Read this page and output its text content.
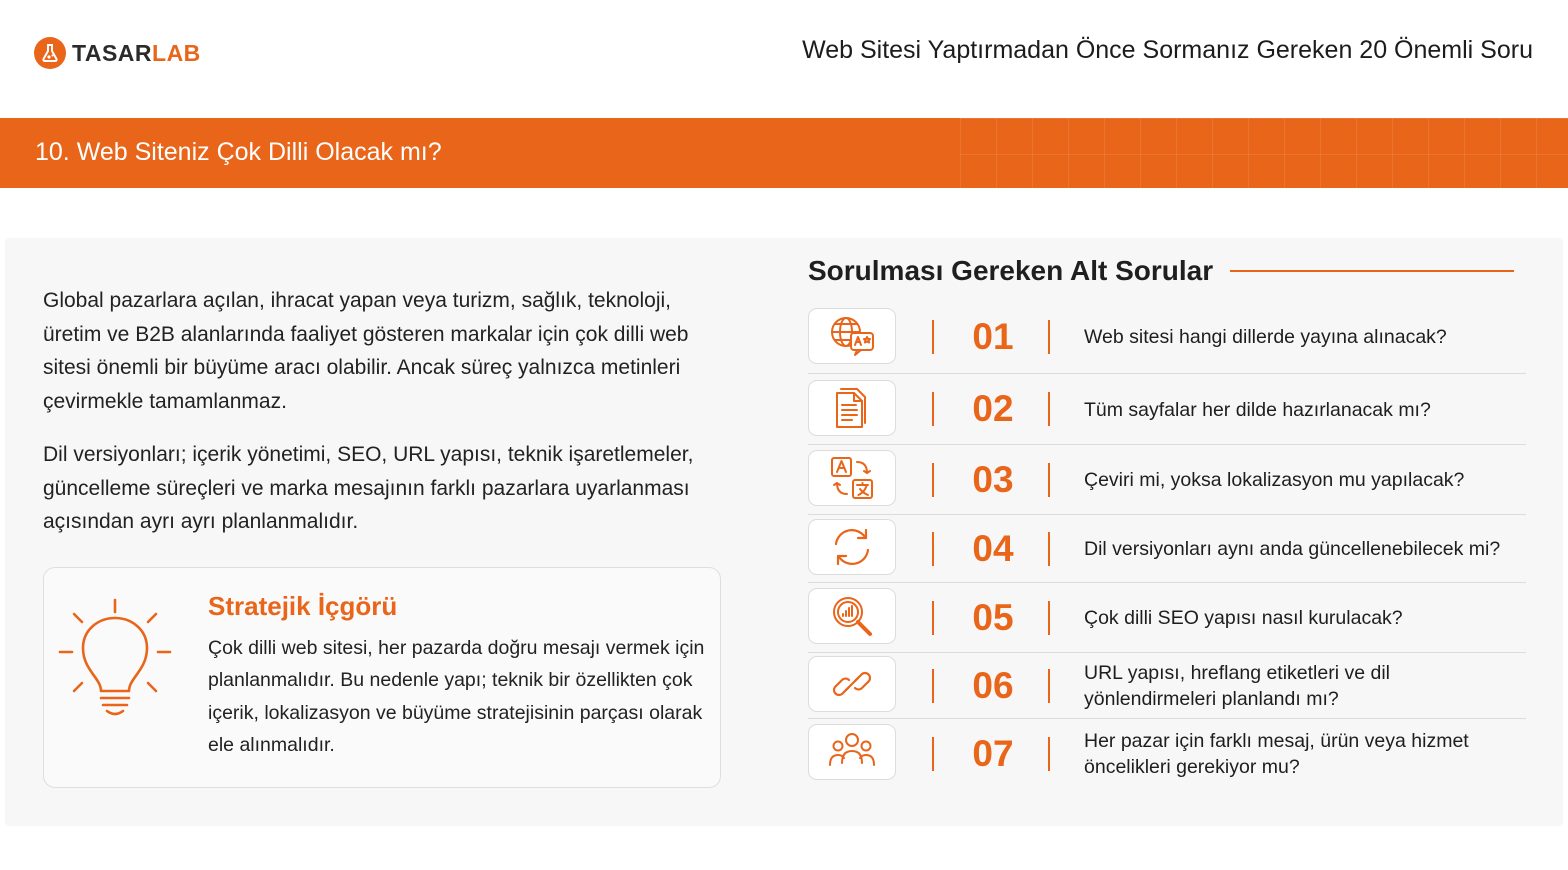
TASARLAB	Web Sitesi Yaptırmadan Önce Sormanız Gereken 20 Önemli Soru
10. Web Siteniz Çok Dilli Olacak mı?

Global pazarlara açılan, ihracat yapan veya turizm, sağlık, teknoloji, üretim ve B2B alanlarında faaliyet gösteren markalar için çok dilli web sitesi önemli bir büyüme aracı olabilir. Ancak süreç yalnızca metinleri çevirmekle tamamlanmaz.

Dil versiyonları; içerik yönetimi, SEO, URL yapısı, teknik işaretlemeler, güncelleme süreçleri ve marka mesajının farklı pazarlara uyarlanması açısından ayrı ayrı planlanmalıdır.

Stratejik İçgörü
Çok dilli web sitesi, her pazarda doğru mesajı vermek için planlanmalıdır. Bu nedenle yapı; teknik bir özellikten çok içerik, lokalizasyon ve büyüme stratejisinin parçası olarak ele alınmalıdır.
Sorulması Gereken Alt Sorular
01	Web sitesi hangi dillerde yayına alınacak?
02	Tüm sayfalar her dilde hazırlanacak mı?
03	Çeviri mi, yoksa lokalizasyon mu yapılacak?
04	Dil versiyonları aynı anda güncellenebilecek mi?
05	Çok dilli SEO yapısı nasıl kurulacak?
06	URL yapısı, hreflang etiketleri ve dil yönlendirmeleri planlandı mı?
07	Her pazar için farklı mesaj, ürün veya hizmet öncelikleri gerekiyor mu?
